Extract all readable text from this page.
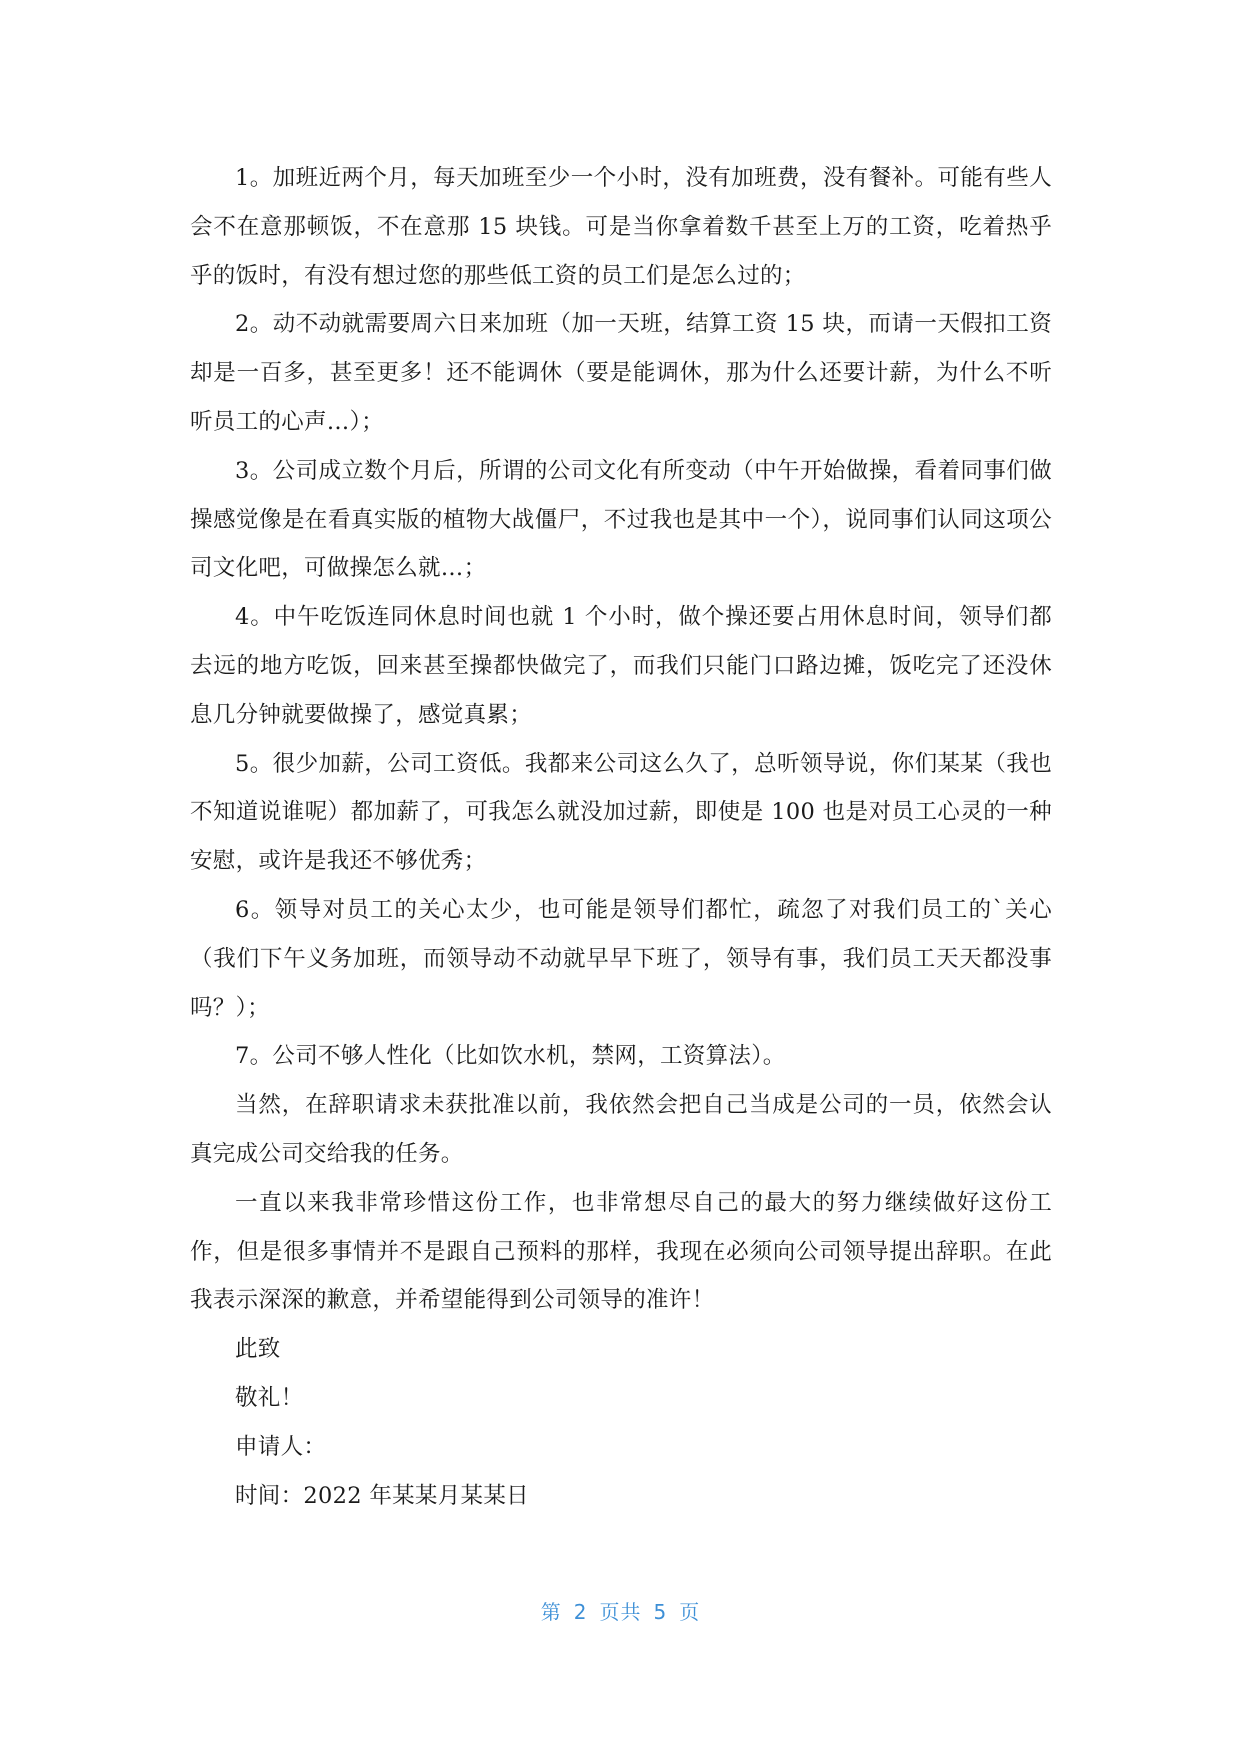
1。加班近两个月，每天加班至少一个小时，没有加班费，没有餐补。可能有些人会不在意那顿饭，不在意那 15 块钱。可是当你拿着数千甚至上万的工资，吃着热乎乎的饭时，有没有想过您的那些低工资的员工们是怎么过的；

2。动不动就需要周六日来加班（加一天班，结算工资 15 块，而请一天假扣工资却是一百多，甚至更多！还不能调休（要是能调休，那为什么还要计薪，为什么不听听员工的心声…）；

3。公司成立数个月后，所谓的公司文化有所变动（中午开始做操，看着同事们做操感觉像是在看真实版的植物大战僵尸，不过我也是其中一个），说同事们认同这项公司文化吧，可做操怎么就…；

4。中午吃饭连同休息时间也就 1 个小时，做个操还要占用休息时间，领导们都去远的地方吃饭，回来甚至操都快做完了，而我们只能门口路边摊，饭吃完了还没休息几分钟就要做操了，感觉真累；

5。很少加薪，公司工资低。我都来公司这么久了，总听领导说，你们某某（我也不知道说谁呢）都加薪了，可我怎么就没加过薪，即使是 100 也是对员工心灵的一种安慰，或许是我还不够优秀；

6。领导对员工的关心太少，也可能是领导们都忙，疏忽了对我们员工的`关心（我们下午义务加班，而领导动不动就早早下班了，领导有事，我们员工天天都没事吗？）；

7。公司不够人性化（比如饮水机，禁网，工资算法）。

当然，在辞职请求未获批准以前，我依然会把自己当成是公司的一员，依然会认真完成公司交给我的任务。

一直以来我非常珍惜这份工作，也非常想尽自己的最大的努力继续做好这份工作，但是很多事情并不是跟自己预料的那样，我现在必须向公司领导提出辞职。在此我表示深深的歉意，并希望能得到公司领导的准许！

此致

敬礼！

申请人：

时间：2022 年某某月某某日

第 2 页共 5 页
